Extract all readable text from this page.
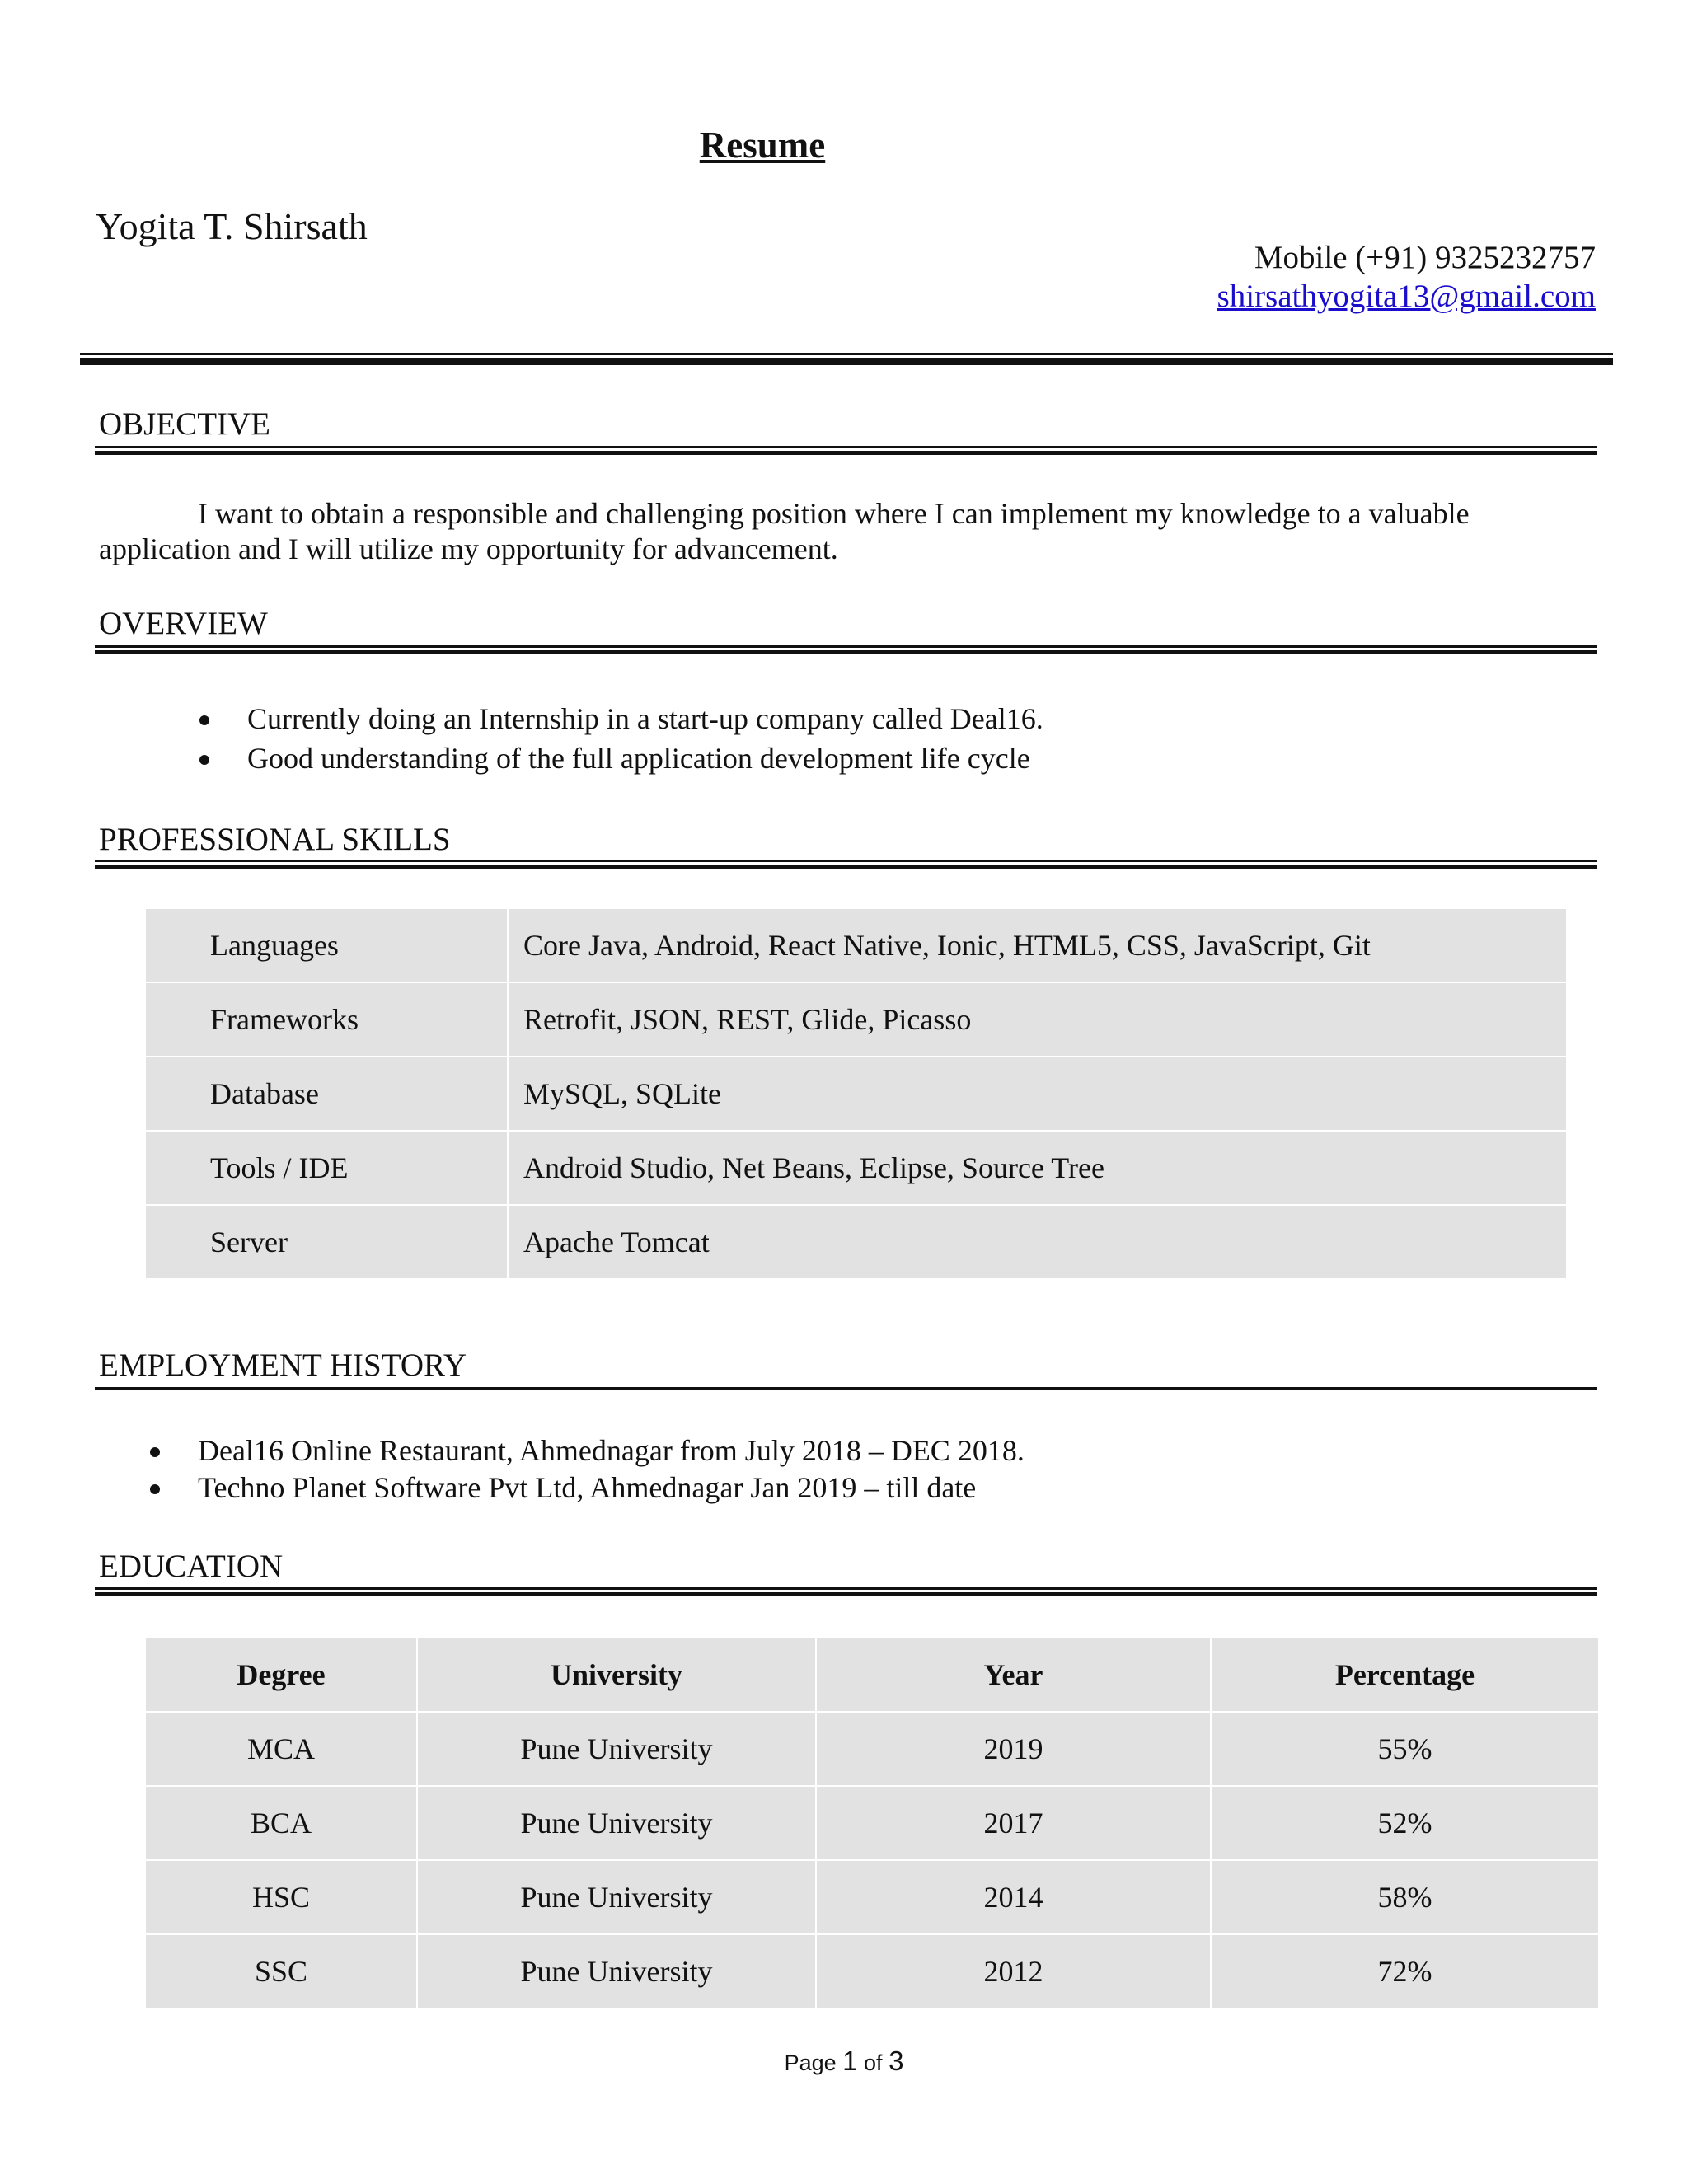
Resume
Yogita T. Shirsath
Mobile (+91) 9325232757
shirsathyogita13@gmail.com
OBJECTIVE
I want to obtain a responsible and challenging position where I can implement my knowledge to a valuable application and I will utilize my opportunity for advancement.
OVERVIEW
Currently doing an Internship in a start-up company called Deal16.
Good understanding of the full application development life cycle
PROFESSIONAL SKILLS
Languages	Core Java, Android, React Native, Ionic, HTML5, CSS, JavaScript, Git
Frameworks	Retrofit, JSON, REST, Glide, Picasso
Database	MySQL, SQLite
Tools / IDE	Android Studio, Net Beans, Eclipse, Source Tree
Server	Apache Tomcat
EMPLOYMENT HISTORY
Deal16 Online Restaurant, Ahmednagar from July 2018 – DEC 2018.
Techno Planet Software Pvt Ltd, Ahmednagar Jan 2019 – till date
EDUCATION
Degree	University	Year	Percentage
MCA	Pune University	2019	55%
BCA	Pune University	2017	52%
HSC	Pune University	2014	58%
SSC	Pune University	2012	72%
Page 1 of 3
